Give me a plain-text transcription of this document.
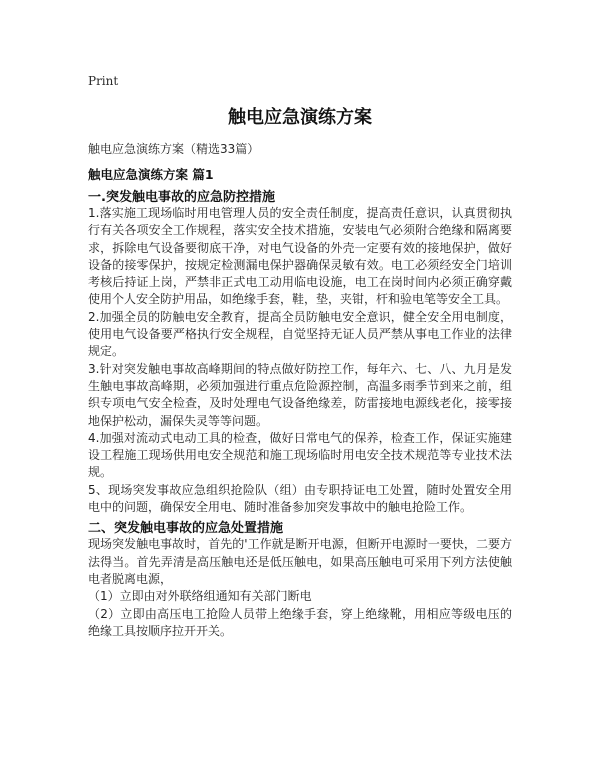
Print
触电应急演练方案
触电应急演练方案（精选33篇）
触电应急演练方案 篇1
一.突发触电事故的应急防控措施

1.落实施工现场临时用电管理人员的安全责任制度，提高责任意识，认真贯彻执行有关各项安全工作规程，落实安全技术措施，安装电气必须附合绝缘和隔离要求，拆除电气设备要彻底干净，对电气设备的外壳一定要有效的接地保护，做好设备的接零保护，按规定检测漏电保护器确保灵敏有效。电工必须经安全门培训考核后持证上岗，严禁非正式电工动用临电设施，电工在岗时间内必须正确穿戴使用个人安全防护用品，如绝缘手套，鞋，垫，夹钳，杆和验电笔等安全工具。

2.加强全员的防触电安全教育，提高全员防触电安全意识，健全安全用电制度，使用电气设备要严格执行安全规程，自觉坚持无证人员严禁从事电工作业的法律规定。

3.针对突发触电事故高峰期间的特点做好防控工作，每年六、七、八、九月是发生触电事故高峰期，必须加强进行重点危险源控制，高温多雨季节到来之前，组织专项电气安全检查，及时处理电气设备绝缘差，防雷接地电源线老化，接零接地保护松动，漏保失灵等等问题。

4.加强对流动式电动工具的检查，做好日常电气的保养，检查工作，保证实施建设工程施工现场供用电安全规范和施工现场临时用电安全技术规范等专业技术法规。

5、现场突发事故应急组织抢险队（组）由专职持证电工处置，随时处置安全用电中的问题，确保安全用电、随时准备参加突发事故中的触电抢险工作。

二、突发触电事故的应急处置措施

现场突发触电事故时，首先的'工作就是断开电源，但断开电源时一要快，二要方法得当。首先弄清是高压触电还是低压触电，如果高压触电可采用下列方法使触电者脱离电源，

（1）立即由对外联络组通知有关部门断电

（2）立即由高压电工抢险人员带上绝缘手套，穿上绝缘靴，用相应等级电压的绝缘工具按顺序拉开开关。
